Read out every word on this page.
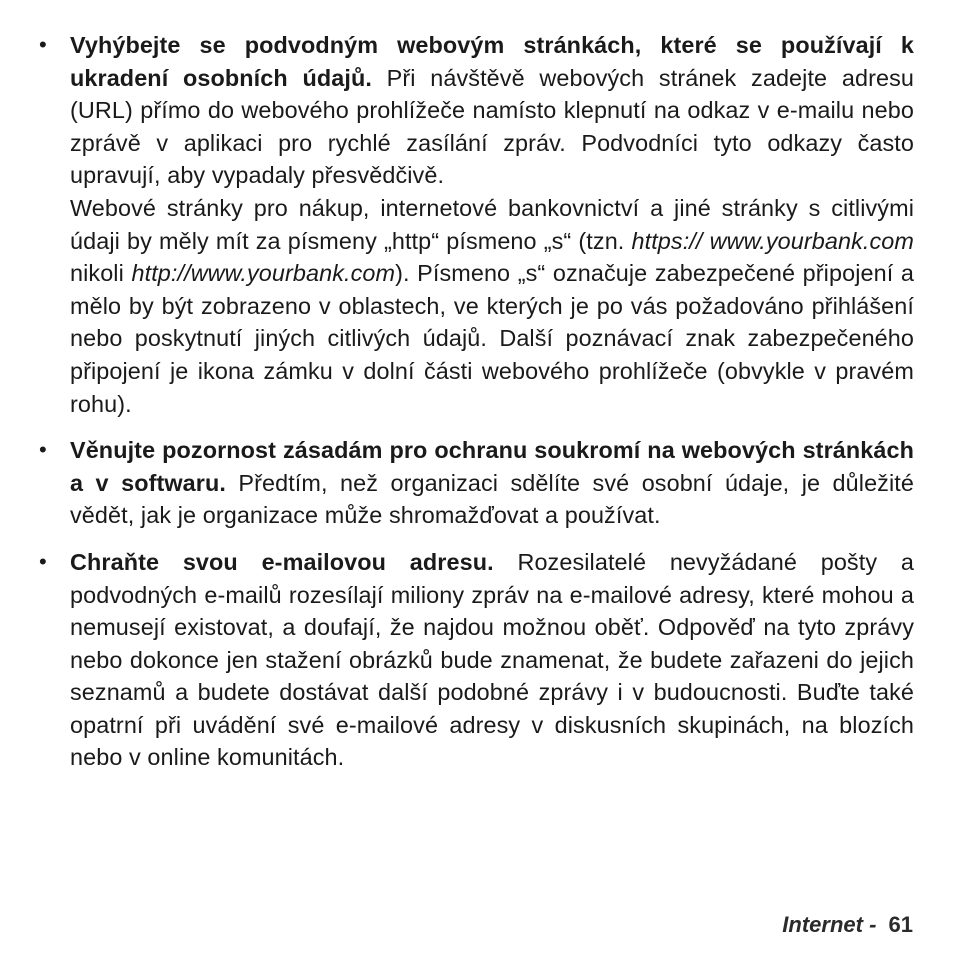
• Vyhýbejte se podvodným webovým stránkách, které se používají k ukradení osobních údajů. Při návštěvě webových stránek zadejte adresu (URL) přímo do webového prohlížeče namísto klepnutí na odkaz v e-mailu nebo zprávě v aplikaci pro rychlé zasílání zpráv. Podvodníci tyto odkazy často upravují, aby vypadaly přesvědčivě.

Webové stránky pro nákup, internetové bankovnictví a jiné stránky s citlivými údaji by měly mít za písmeny „http“ písmeno „s“ (tzn. https:// www.yourbank.com nikoli http://www.yourbank.com). Písmeno „s“ označuje zabezpečené připojení a mělo by být zobrazeno v oblastech, ve kterých je po vás požadováno přihlášení nebo poskytnutí jiných citlivých údajů. Další poznávací znak zabezpečeného připojení je ikona zámku v dolní části webového prohlížeče (obvykle v pravém rohu).

• Věnujte pozornost zásadám pro ochranu soukromí na webových stránkách a v softwaru. Předtím, než organizaci sdělíte své osobní údaje, je důležité vědět, jak je organizace může shromažďovat a používat.

• Chraňte svou e-mailovou adresu. Rozesilatelé nevyžádané pošty a podvodných e-mailů rozesílají miliony zpráv na e-mailové adresy, které mohou a nemusejí existovat, a doufají, že najdou možnou oběť. Odpověď na tyto zprávy nebo dokonce jen stažení obrázků bude znamenat, že budete zařazeni do jejich seznamů a budete dostávat další podobné zprávy i v budoucnosti. Buďte také opatrní při uvádění své e-mailové adresy v diskusních skupinách, na blozích nebo v online komunitách.

Internet - 61
